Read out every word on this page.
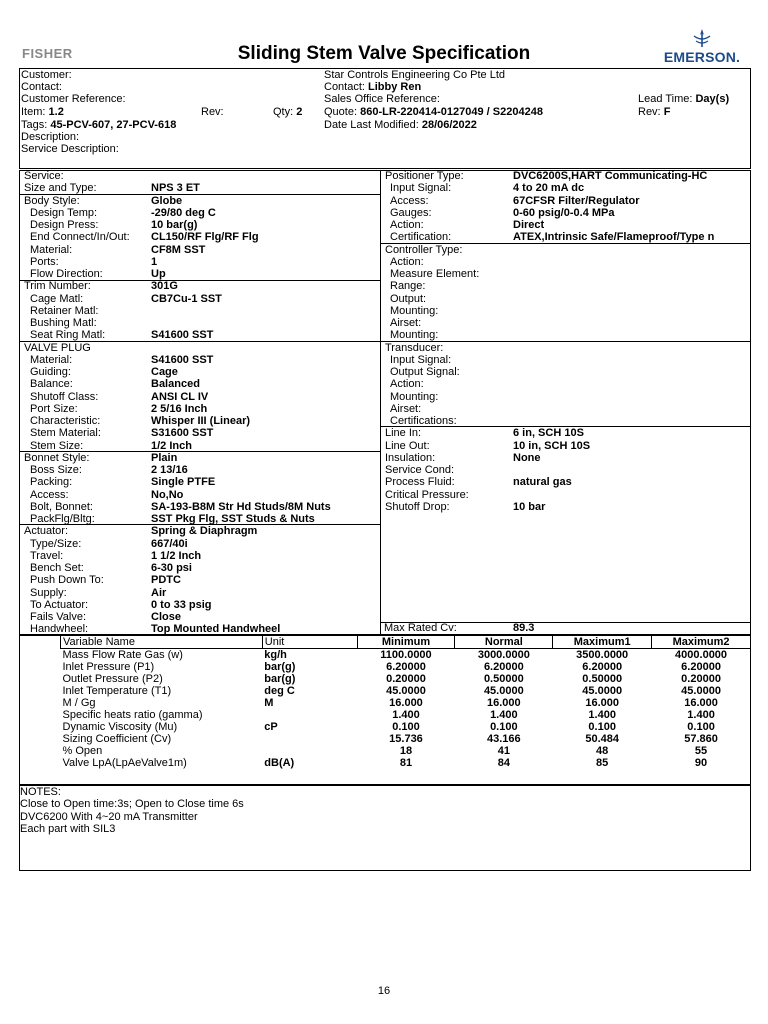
FISHER	Sliding Stem Valve Specification	EMERSON.
Customer:
Contact:
Customer Reference:
Item: 1.2	Rev:	Qty: 2
Tags: 45-PCV-607, 27-PCV-618
Description:
Service Description:
Star Controls Engineering Co Pte Ltd
Contact: Libby Ren
Sales Office Reference:
Quote: 860-LR-220414-0127049 / S2204248
Date Last Modified: 28/06/2022
Lead Time: Day(s)
Rev: F
Service:
Size and Type:	NPS 3 ET
Body Style:	Globe
Design Temp:	-29/80 deg C
Design Press:	10 bar(g)
End Connect/In/Out: CL150/RF Flg/RF Flg
Material:	CF8M SST
Ports:	1
Flow Direction:	Up
Trim Number:	301G
Cage Matl:	CB7Cu-1 SST
Retainer Matl:
Bushing Matl:
Seat Ring Matl:	S41600 SST
VALVE PLUG
Material:	S41600 SST
Guiding:	Cage
Balance:	Balanced
Shutoff Class:	ANSI CL IV
Port Size:	2 5/16 Inch
Characteristic:	Whisper III (Linear)
Stem Material:	S31600 SST
Stem Size:	1/2 Inch
Bonnet Style:	Plain
Boss Size:	2 13/16
Packing:	Single PTFE
Access:	No,No
Bolt, Bonnet:	SA-193-B8M Str Hd Studs/8M Nuts
PackFlg/Bltg:	SST Pkg Flg, SST Studs & Nuts
Actuator:	Spring & Diaphragm
Type/Size:	667/40i
Travel:	1 1/2 Inch
Bench Set:	6-30 psi
Push Down To:	PDTC
Supply:	Air
To Actuator:	0 to 33 psig
Fails Valve:	Close
Handwheel:	Top Mounted Handwheel
Positioner Type:	DVC6200S,HART Communicating-HC
Input Signal:	4 to 20 mA dc
Access:	67CFSR Filter/Regulator
Gauges:	0-60 psig/0-0.4 MPa
Action:	Direct
Certification:	ATEX,Intrinsic Safe/Flameproof/Type n
Controller Type:
Action:
Measure Element:
Range:
Output:
Mounting:
Airset:
Mounting:
Transducer:
Input Signal:
Output Signal:
Action:
Mounting:
Airset:
Certifications:
Line In:	6 in, SCH 10S
Line Out:	10 in, SCH 10S
Insulation:	None
Service Cond:
Process Fluid:	natural gas
Critical Pressure:
Shutoff Drop:	10 bar
Max Rated Cv:	89.3
Variable Name	Unit	Minimum	Normal	Maximum1	Maximum2
Mass Flow Rate Gas (w)	kg/h	1100.0000	3000.0000	3500.0000	4000.0000
Inlet Pressure (P1)	bar(g)	6.20000	6.20000	6.20000	6.20000
Outlet Pressure (P2)	bar(g)	0.20000	0.50000	0.50000	0.20000
Inlet Temperature (T1)	deg C	45.0000	45.0000	45.0000	45.0000
M / Gg	M	16.000	16.000	16.000	16.000
Specific heats ratio (gamma)		1.400	1.400	1.400	1.400
Dynamic Viscosity (Mu)	cP	0.100	0.100	0.100	0.100
Sizing Coefficient (Cv)		15.736	43.166	50.484	57.860
% Open		18	41	48	55
Valve LpA(LpAeValve1m)	dB(A)	81	84	85	90
NOTES:
Close to Open time:3s; Open to Close time 6s
DVC6200 With 4~20 mA Transmitter
Each part with SIL3
16
